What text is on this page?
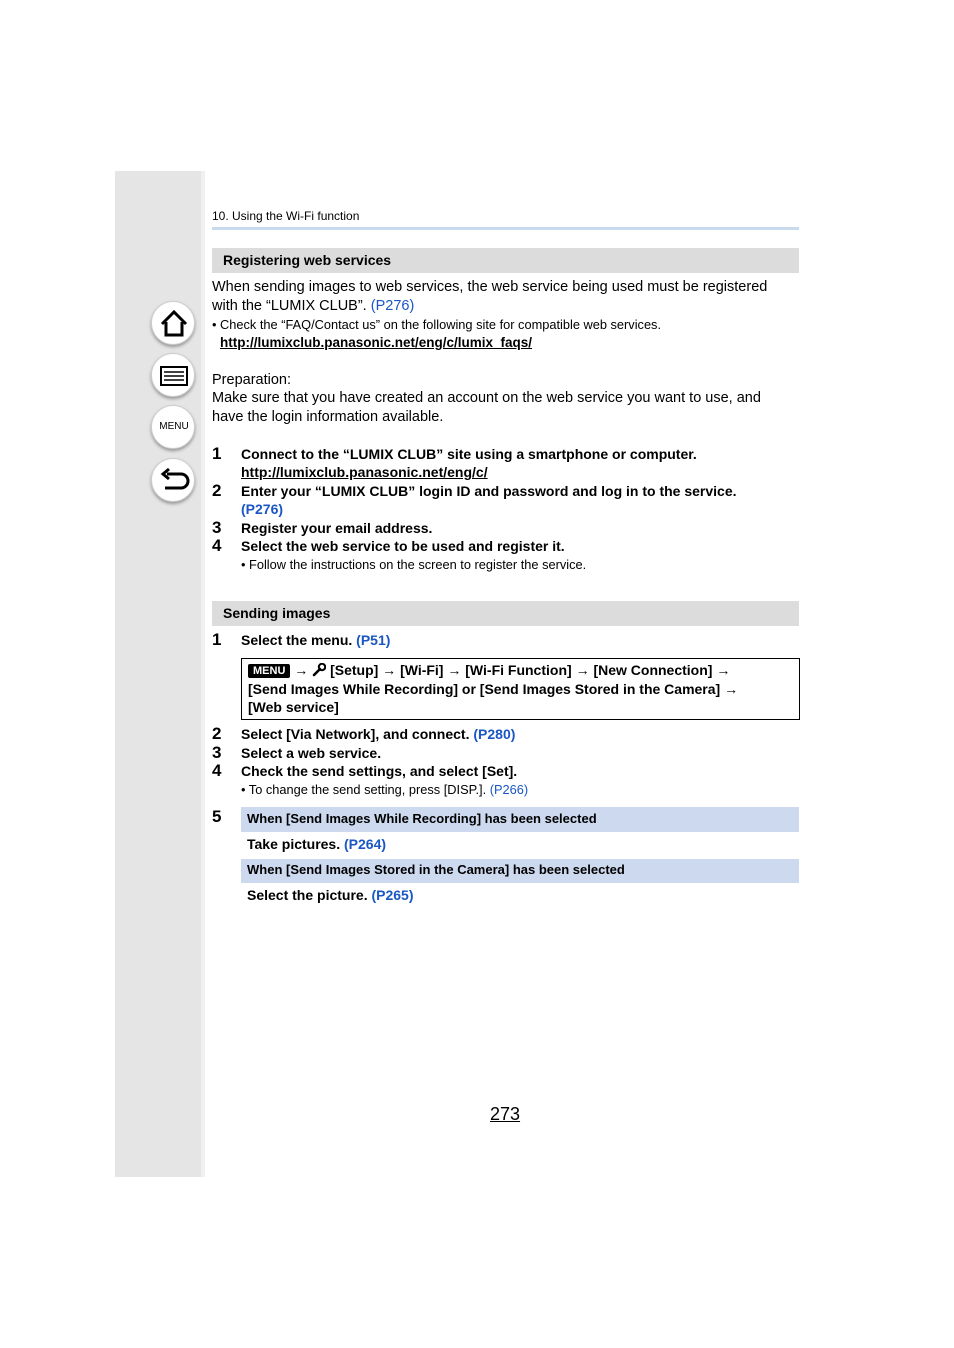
MENU
10. Using the Wi-Fi function
Registering web services
When sending images to web services, the web service being used must be registered
with the “LUMIX CLUB”. (P276)
• Check the “FAQ/Contact us” on the following site for compatible web services.
http://lumixclub.panasonic.net/eng/c/lumix_faqs/
Preparation:
Make sure that you have created an account on the web service you want to use, and
have the login information available.
1 Connect to the “LUMIX CLUB” site using a smartphone or computer.
http://lumixclub.panasonic.net/eng/c/
2 Enter your “LUMIX CLUB” login ID and password and log in to the service.
(P276)
3 Register your email address.
4 Select the web service to be used and register it.
• Follow the instructions on the screen to register the service.
Sending images
1 Select the menu. (P51)
MENU → [Setup] → [Wi-Fi] → [Wi-Fi Function] → [New Connection] →
[Send Images While Recording] or [Send Images Stored in the Camera] →
[Web service]
2 Select [Via Network], and connect. (P280)
3 Select a web service.
4 Check the send settings, and select [Set].
• To change the send setting, press [DISP.]. (P266)
5	When [Send Images While Recording] has been selected
Take pictures. (P264)
When [Send Images Stored in the Camera] has been selected
Select the picture. (P265)
273
